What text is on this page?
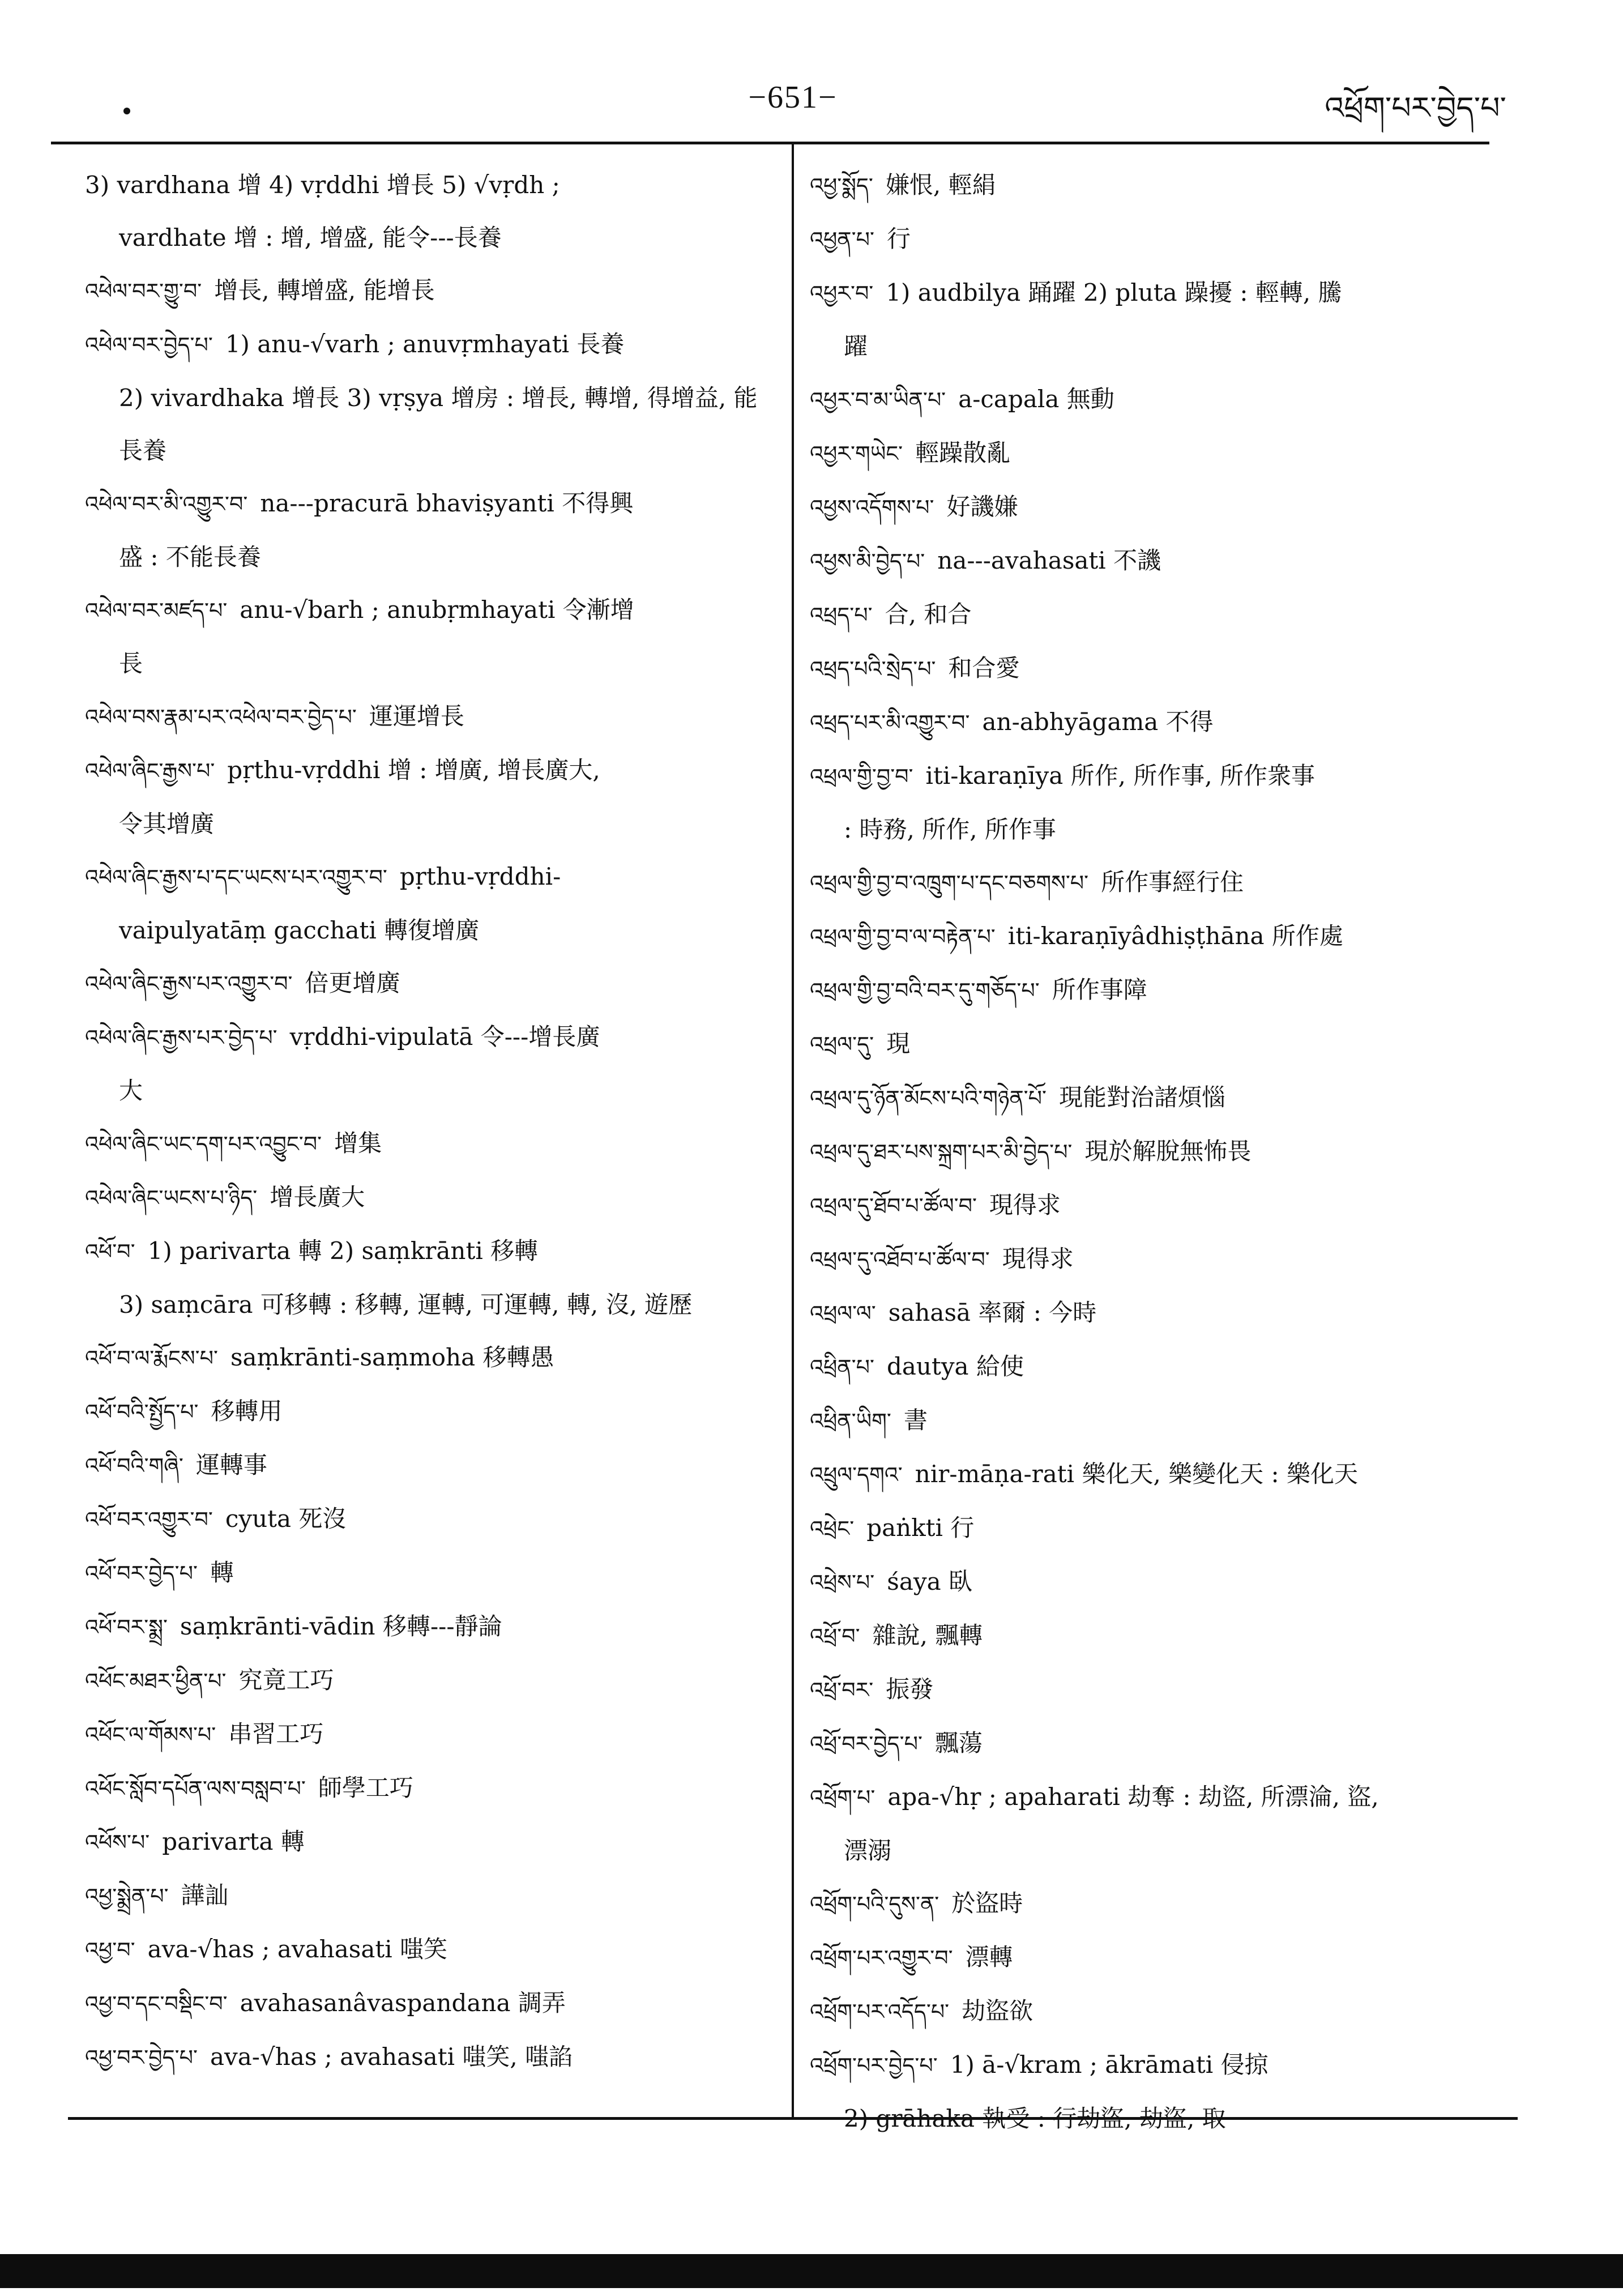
−651−	འཕྲོག་པར་བྱེད་པ་
3) vardhana 增 4) vṛddhi 增長 5) √vṛdh ;
vardhate 增 : 增, 增盛, 能令---長養
འཕེལ་བར་གྱུ་བ་ 增長, 轉增盛, 能增長
འཕེལ་བར་བྱེད་པ་ 1) anu-√varh ; anuvṛmhayati 長養
2) vivardhaka 增長 3) vṛṣya 增房 : 增長, 轉增, 得增益, 能長養
འཕེལ་བར་མི་འགྱུར་བ་ na---pracurā bhaviṣyanti 不得興
盛 : 不能長養
འཕེལ་བར་མཛད་པ་ anu-√barh ; anubṛmhayati 令漸增
長
འཕེལ་བས་རྣམ་པར་འཕེལ་བར་བྱེད་པ་ 運運增長
འཕེལ་ཞིང་རྒྱས་པ་ pṛthu-vṛddhi 增 : 增廣, 增長廣大,
令其增廣
འཕེལ་ཞིང་རྒྱས་པ་དང་ཡངས་པར་འགྱུར་བ་ pṛthu-vṛddhi-
vaipulyatāṃ gacchati 轉復增廣
འཕེལ་ཞིང་རྒྱས་པར་འགྱུར་བ་ 倍更增廣
འཕེལ་ཞིང་རྒྱས་པར་བྱེད་པ་ vṛddhi-vipulatā 令---增長廣
大
འཕེལ་ཞིང་ཡང་དག་པར་འབྱུང་བ་ 增集
འཕེལ་ཞིང་ཡངས་པ་ཉིད་ 增長廣大
འཕོ་བ་ 1) parivarta 轉 2) saṃkrānti 移轉
3) saṃcāra 可移轉 : 移轉, 運轉, 可運轉, 轉, 沒, 遊歷
འཕོ་བ་ལ་རྨོངས་པ་ saṃkrānti-saṃmoha 移轉愚
འཕོ་བའི་སྤྱོད་པ་ 移轉用
འཕོ་བའི་གཞི་ 運轉事
འཕོ་བར་འགྱུར་བ་ cyuta 死沒
འཕོ་བར་བྱེད་པ་ 轉
འཕོ་བར་སྨྲ་ saṃkrānti-vādin 移轉---靜論
འཕོང་མཐར་ཕྱིན་པ་ 究竟工巧
འཕོང་ལ་གོམས་པ་ 串習工巧
འཕོང་སློབ་དཔོན་ལས་བསླབ་པ་ 師學工巧
འཕོས་པ་ parivarta 轉
འཕྱ་སྨྲེན་པ་ 譁訕
འཕྱ་བ་ ava-√has ; avahasati 嗤笑
འཕྱ་བ་དང་བསྡིང་བ་ avahasanâvaspandana 調弄
འཕྱ་བར་བྱེད་པ་ ava-√has ; avahasati 嗤笑, 嗤諂
འཕྱ་སྨོད་ 嫌恨, 輕絹
འཕྱན་པ་ 行
འཕྱར་བ་ 1) audbilya 踊躍 2) pluta 躁擾 : 輕轉, 騰
躍
འཕྱར་བ་མ་ཡིན་པ་ a-capala 無動
འཕྱར་གཡེང་ 輕躁散亂
འཕྱས་འདོགས་པ་ 好譏嫌
འཕྱས་མི་བྱེད་པ་ na---avahasati 不譏
འཕྲད་པ་ 合, 和合
འཕྲད་པའི་སྲེད་པ་ 和合愛
འཕྲད་པར་མི་འགྱུར་བ་ an-abhyāgama 不得
འཕྲལ་གྱི་བྱ་བ་ iti-karaṇīya 所作, 所作事, 所作衆事
: 時務, 所作, 所作事
འཕྲལ་གྱི་བྱ་བ་འཁྲུག་པ་དང་བཅགས་པ་ 所作事經行住
འཕྲལ་གྱི་བྱ་བ་ལ་བརྟེན་པ་ iti-karaṇīyâdhiṣṭhāna 所作處
འཕྲལ་གྱི་བྱ་བའི་བར་དུ་གཅོད་པ་ 所作事障
འཕྲལ་དུ་ 現
འཕྲལ་དུ་ཉོན་མོངས་པའི་གཉེན་པོ་ 現能對治諸煩惱
འཕྲལ་དུ་ཐར་པས་སྐྲག་པར་མི་བྱེད་པ་ 現於解脫無怖畏
འཕྲལ་དུ་ཐོབ་པ་ཚོལ་བ་ 現得求
འཕྲལ་དུ་འཐོབ་པ་ཚོལ་བ་ 現得求
འཕྲལ་ལ་ sahasā 率爾 : 今時
འཕྲིན་པ་ dautya 給使
འཕྲིན་ཡིག་ 書
འཕྲུལ་དགའ་ nir-māṇa-rati 樂化天, 樂變化天 : 樂化天
འཕྲེང་ paṅkti 行
འཕྲེས་པ་ śaya 臥
འཕྲོ་བ་ 雜說, 飄轉
འཕྲོ་བར་ 振發
འཕྲོ་བར་བྱེད་པ་ 飄蕩
འཕྲོག་པ་ apa-√hṛ ; apaharati 劫奪 : 劫盜, 所漂淪, 盜,
漂溺
འཕྲོག་པའི་དུས་ན་ 於盜時
འཕྲོག་པར་འགྱུར་བ་ 漂轉
འཕྲོག་པར་འདོད་པ་ 劫盜欲
འཕྲོག་པར་བྱེད་པ་ 1) ā-√kram ; ākrāmati 侵掠
2) grāhaka 執受 : 行劫盜, 劫盜, 取
